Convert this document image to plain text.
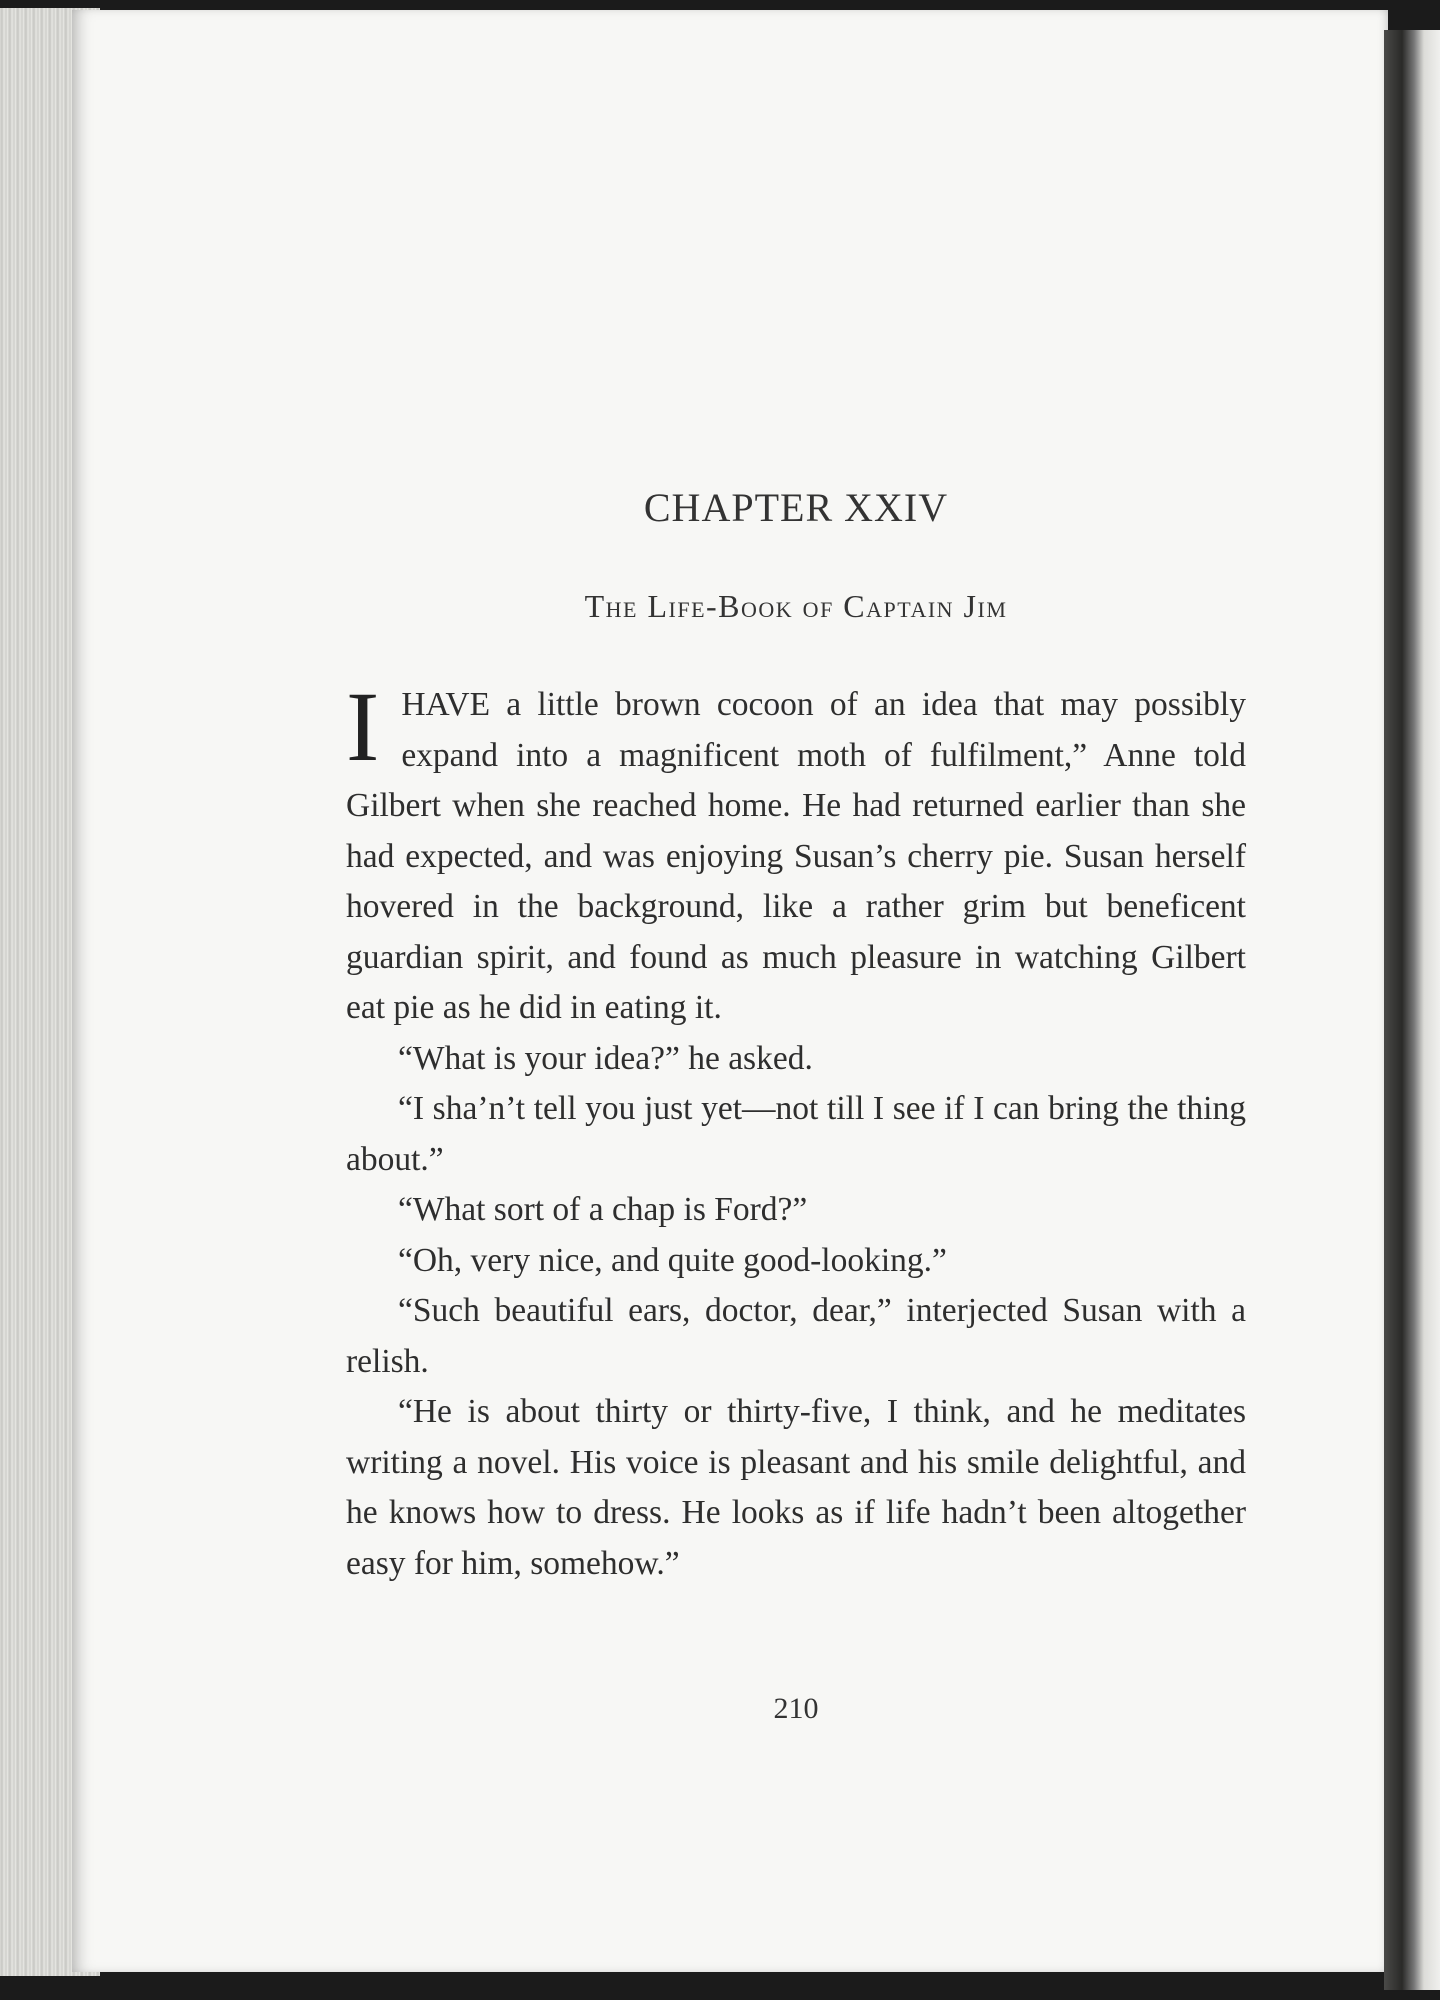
CHAPTER XXIV
The Life-Book of Captain Jim

IHAVE a little brown cocoon of an idea that may possibly expand into a magnificent moth of fulfilment,” Anne told Gilbert when she reached home. He had returned earlier than she had expected, and was enjoying Susan’s cherry pie. Susan herself hovered in the background, like a rather grim but beneficent guardian spirit, and found as much pleasure in watching Gilbert eat pie as he did in eating it.

“What is your idea?” he asked.

“I sha’n’t tell you just yet—not till I see if I can bring the thing about.”

“What sort of a chap is Ford?”

“Oh, very nice, and quite good-looking.”

“Such beautiful ears, doctor, dear,” interjected Susan with a relish.

“He is about thirty or thirty-five, I think, and he meditates writing a novel. His voice is pleasant and his smile delightful, and he knows how to dress. He looks as if life hadn’t been altogether easy for him, somehow.”

210
